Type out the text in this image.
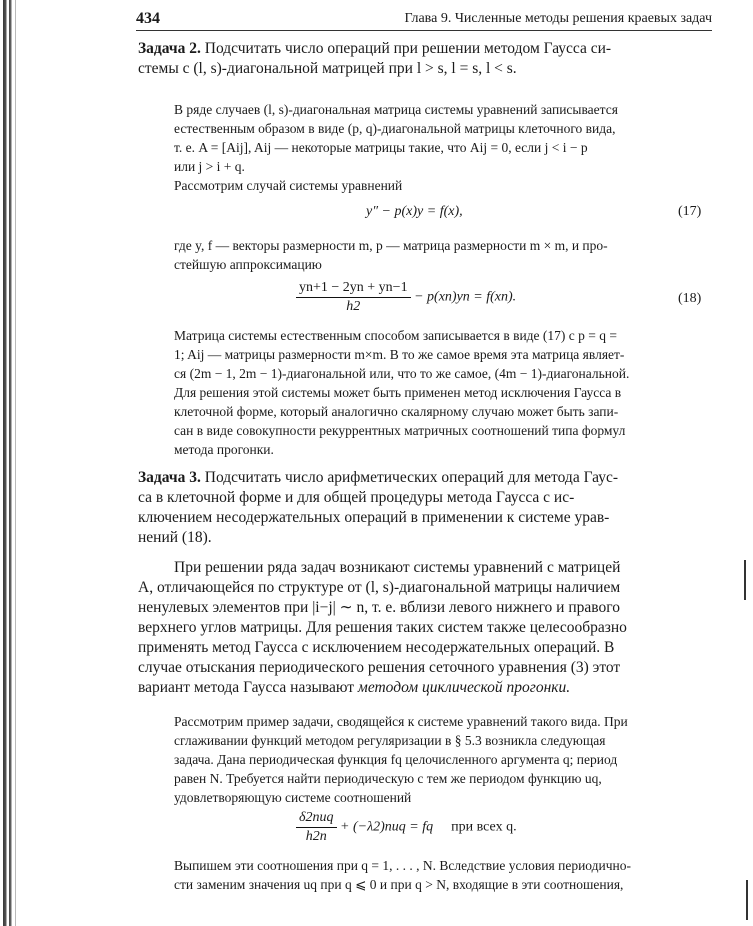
434	Глава 9. Численные методы решения краевых задач
Задача 2. Подсчитать число операций при решении методом Гаусса си-
стемы с (l, s)-диагональной матрицей при l > s, l = s, l < s.
В ряде случаев (l, s)-диагональная матрица системы уравнений записывается
естественным образом в виде (p, q)-диагональной матрицы клеточного вида,
т. е. A = [Aij], Aij — некоторые матрицы такие, что Aij = 0, если j < i − p
или j > i + q.
Рассмотрим случай системы уравнений
y″ − p(x)y = f(x),	(17)
где y, f — векторы размерности m, p — матрица размерности m × m, и про-
стейшую аппроксимацию
$\frac{yn+1 - 2yn + yn-1}{h2} - p(xn)yn = f(xn)$.	(18)
Матрица системы естественным способом записывается в виде (17) с p = q =
1; Aij — матрицы размерности m×m. В то же самое время эта матрица являет-
ся (2m − 1, 2m − 1)-диагональной или, что то же самое, (4m − 1)-диагональной.
Для решения этой системы может быть применен метод исключения Гаусса в
клеточной форме, который аналогично скалярному случаю может быть запи-
сан в виде совокупности рекуррентных матричных соотношений типа формул
метода прогонки.
Задача 3. Подсчитать число арифметических операций для метода Гаус-
са в клеточной форме и для общей процедуры метода Гаусса с ис-
ключением несодержательных операций в применении к системе урав-
нений (18).
При решении ряда задач возникают системы уравнений с матрицей
A, отличающейся по структуре от (l, s)-диагональной матрицы наличием
ненулевых элементов при |i−j| ∼ n, т. е. вблизи левого нижнего и правого
верхнего углов матрицы. Для решения таких систем также целесообразно
применять метод Гаусса с исключением несодержательных операций. В
случае отыскания периодического решения сеточного уравнения (3) этот
вариант метода Гаусса называют методом циклической прогонки.
Рассмотрим пример задачи, сводящейся к системе уравнений такого вида. При
сглаживании функций методом регуляризации в § 5.3 возникла следующая
задача. Дана периодическая функция fq целочисленного аргумента q; период
равен N. Требуется найти периодическую с тем же периодом функцию uq,
удовлетворяющую системе соотношений
$\frac{\text{δ2nuq}}{h2n} + (-\lambda 2)nuq$ = fq при всех q.
Выпишем эти соотношения при q = 1, . . . , N. Вследствие условия периодично-
сти заменим значения uq при q ⩽ 0 и при q > N, входящие в эти соотношения,
